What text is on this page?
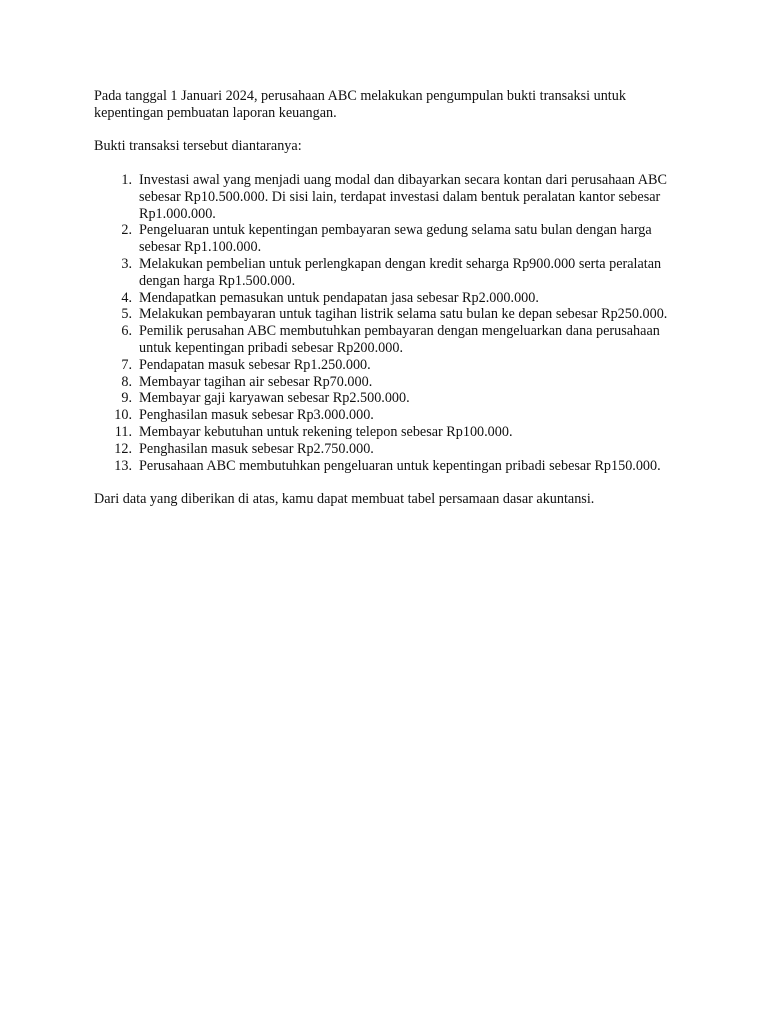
Pada tanggal 1 Januari 2024, perusahaan ABC melakukan pengumpulan bukti transaksi untuk kepentingan pembuatan laporan keuangan.

Bukti transaksi tersebut diantaranya:

1. Investasi awal yang menjadi uang modal dan dibayarkan secara kontan dari perusahaan ABC sebesar Rp10.500.000. Di sisi lain, terdapat investasi dalam bentuk peralatan kantor sebesar Rp1.000.000.
2. Pengeluaran untuk kepentingan pembayaran sewa gedung selama satu bulan dengan harga sebesar Rp1.100.000.
3. Melakukan pembelian untuk perlengkapan dengan kredit seharga Rp900.000 serta peralatan dengan harga Rp1.500.000.
4. Mendapatkan pemasukan untuk pendapatan jasa sebesar Rp2.000.000.
5. Melakukan pembayaran untuk tagihan listrik selama satu bulan ke depan sebesar Rp250.000.
6. Pemilik perusahan ABC membutuhkan pembayaran dengan mengeluarkan dana perusahaan untuk kepentingan pribadi sebesar Rp200.000.
7. Pendapatan masuk sebesar Rp1.250.000.
8. Membayar tagihan air sebesar Rp70.000.
9. Membayar gaji karyawan sebesar Rp2.500.000.
10. Penghasilan masuk sebesar Rp3.000.000.
11. Membayar kebutuhan untuk rekening telepon sebesar Rp100.000.
12. Penghasilan masuk sebesar Rp2.750.000.
13. Perusahaan ABC membutuhkan pengeluaran untuk kepentingan pribadi sebesar Rp150.000.

Dari data yang diberikan di atas, kamu dapat membuat tabel persamaan dasar akuntansi.
